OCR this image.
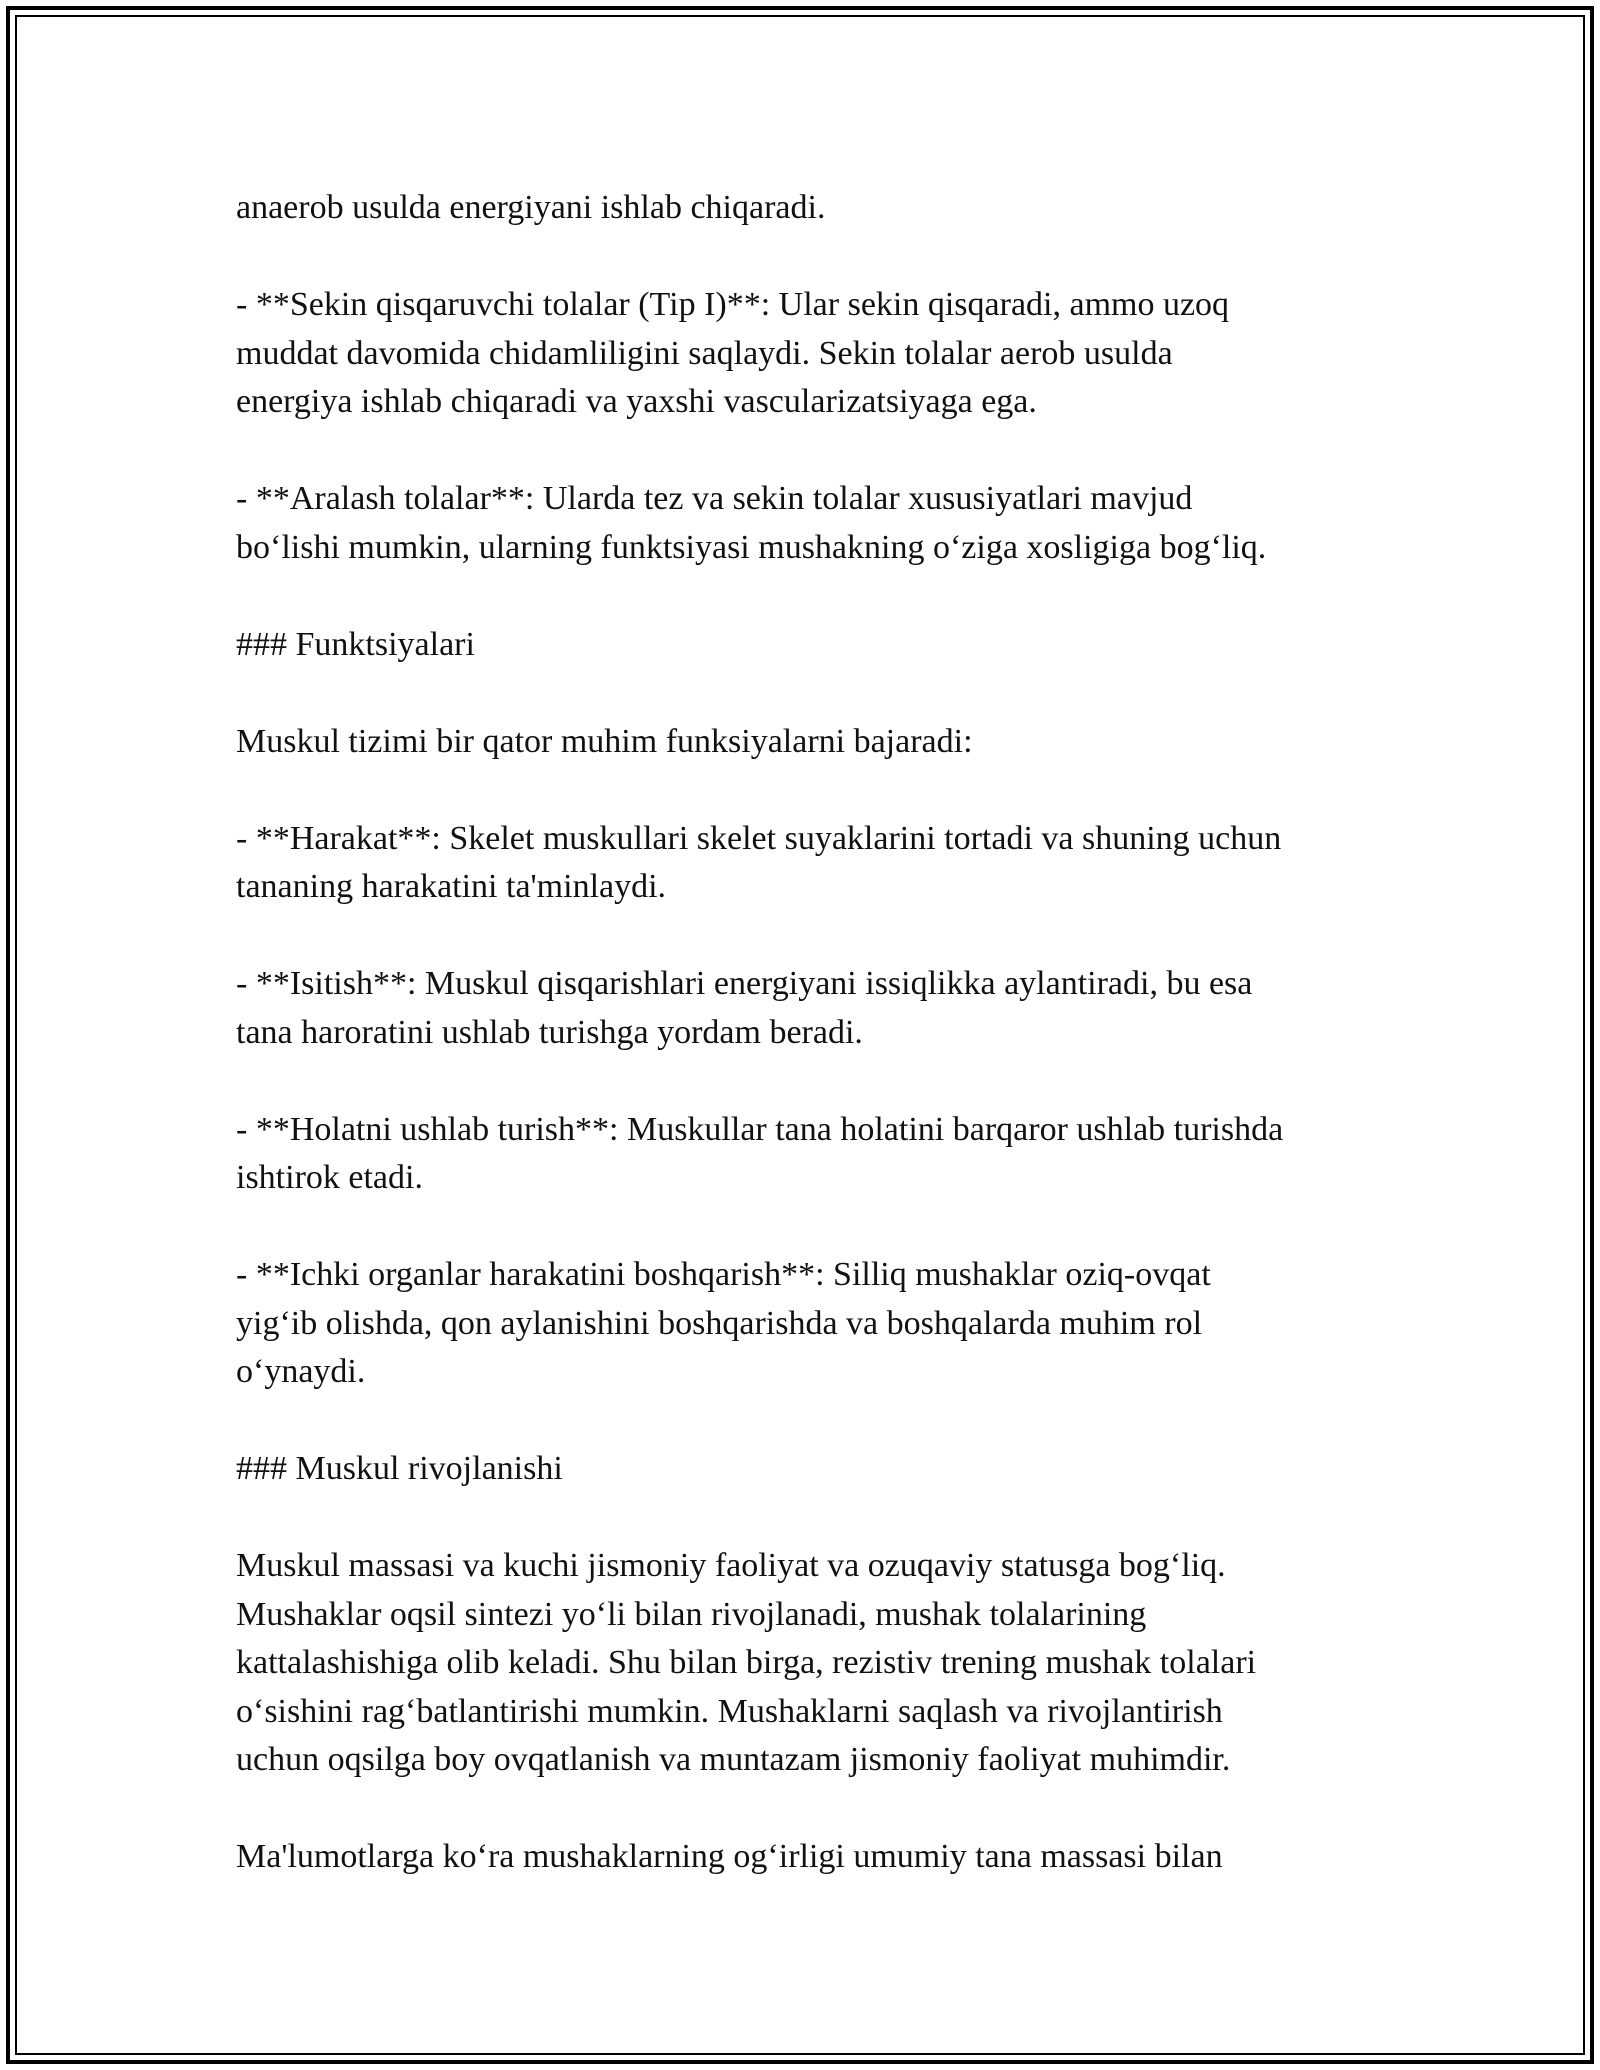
anaerob usulda energiyani ishlab chiqaradi.
- **Sekin qisqaruvchi tolalar (Tip I)**: Ular sekin qisqaradi, ammo uzoq
muddat davomida chidamliligini saqlaydi. Sekin tolalar aerob usulda
energiya ishlab chiqaradi va yaxshi vascularizatsiyaga ega.
- **Aralash tolalar**: Ularda tez va sekin tolalar xususiyatlari mavjud
bo‘lishi mumkin, ularning funktsiyasi mushakning o‘ziga xosligiga bog‘liq.
### Funktsiyalari
Muskul tizimi bir qator muhim funksiyalarni bajaradi:
- **Harakat**: Skelet muskullari skelet suyaklarini tortadi va shuning uchun
tananing harakatini ta'minlaydi.
- **Isitish**: Muskul qisqarishlari energiyani issiqlikka aylantiradi, bu esa
tana haroratini ushlab turishga yordam beradi.
- **Holatni ushlab turish**: Muskullar tana holatini barqaror ushlab turishda
ishtirok etadi.
- **Ichki organlar harakatini boshqarish**: Silliq mushaklar oziq-ovqat
yig‘ib olishda, qon aylanishini boshqarishda va boshqalarda muhim rol
o‘ynaydi.
### Muskul rivojlanishi
Muskul massasi va kuchi jismoniy faoliyat va ozuqaviy statusga bog‘liq.
Mushaklar oqsil sintezi yo‘li bilan rivojlanadi, mushak tolalarining
kattalashishiga olib keladi. Shu bilan birga, rezistiv trening mushak tolalari
o‘sishini rag‘batlantirishi mumkin. Mushaklarni saqlash va rivojlantirish
uchun oqsilga boy ovqatlanish va muntazam jismoniy faoliyat muhimdir.
Ma'lumotlarga ko‘ra mushaklarning og‘irligi umumiy tana massasi bilan
